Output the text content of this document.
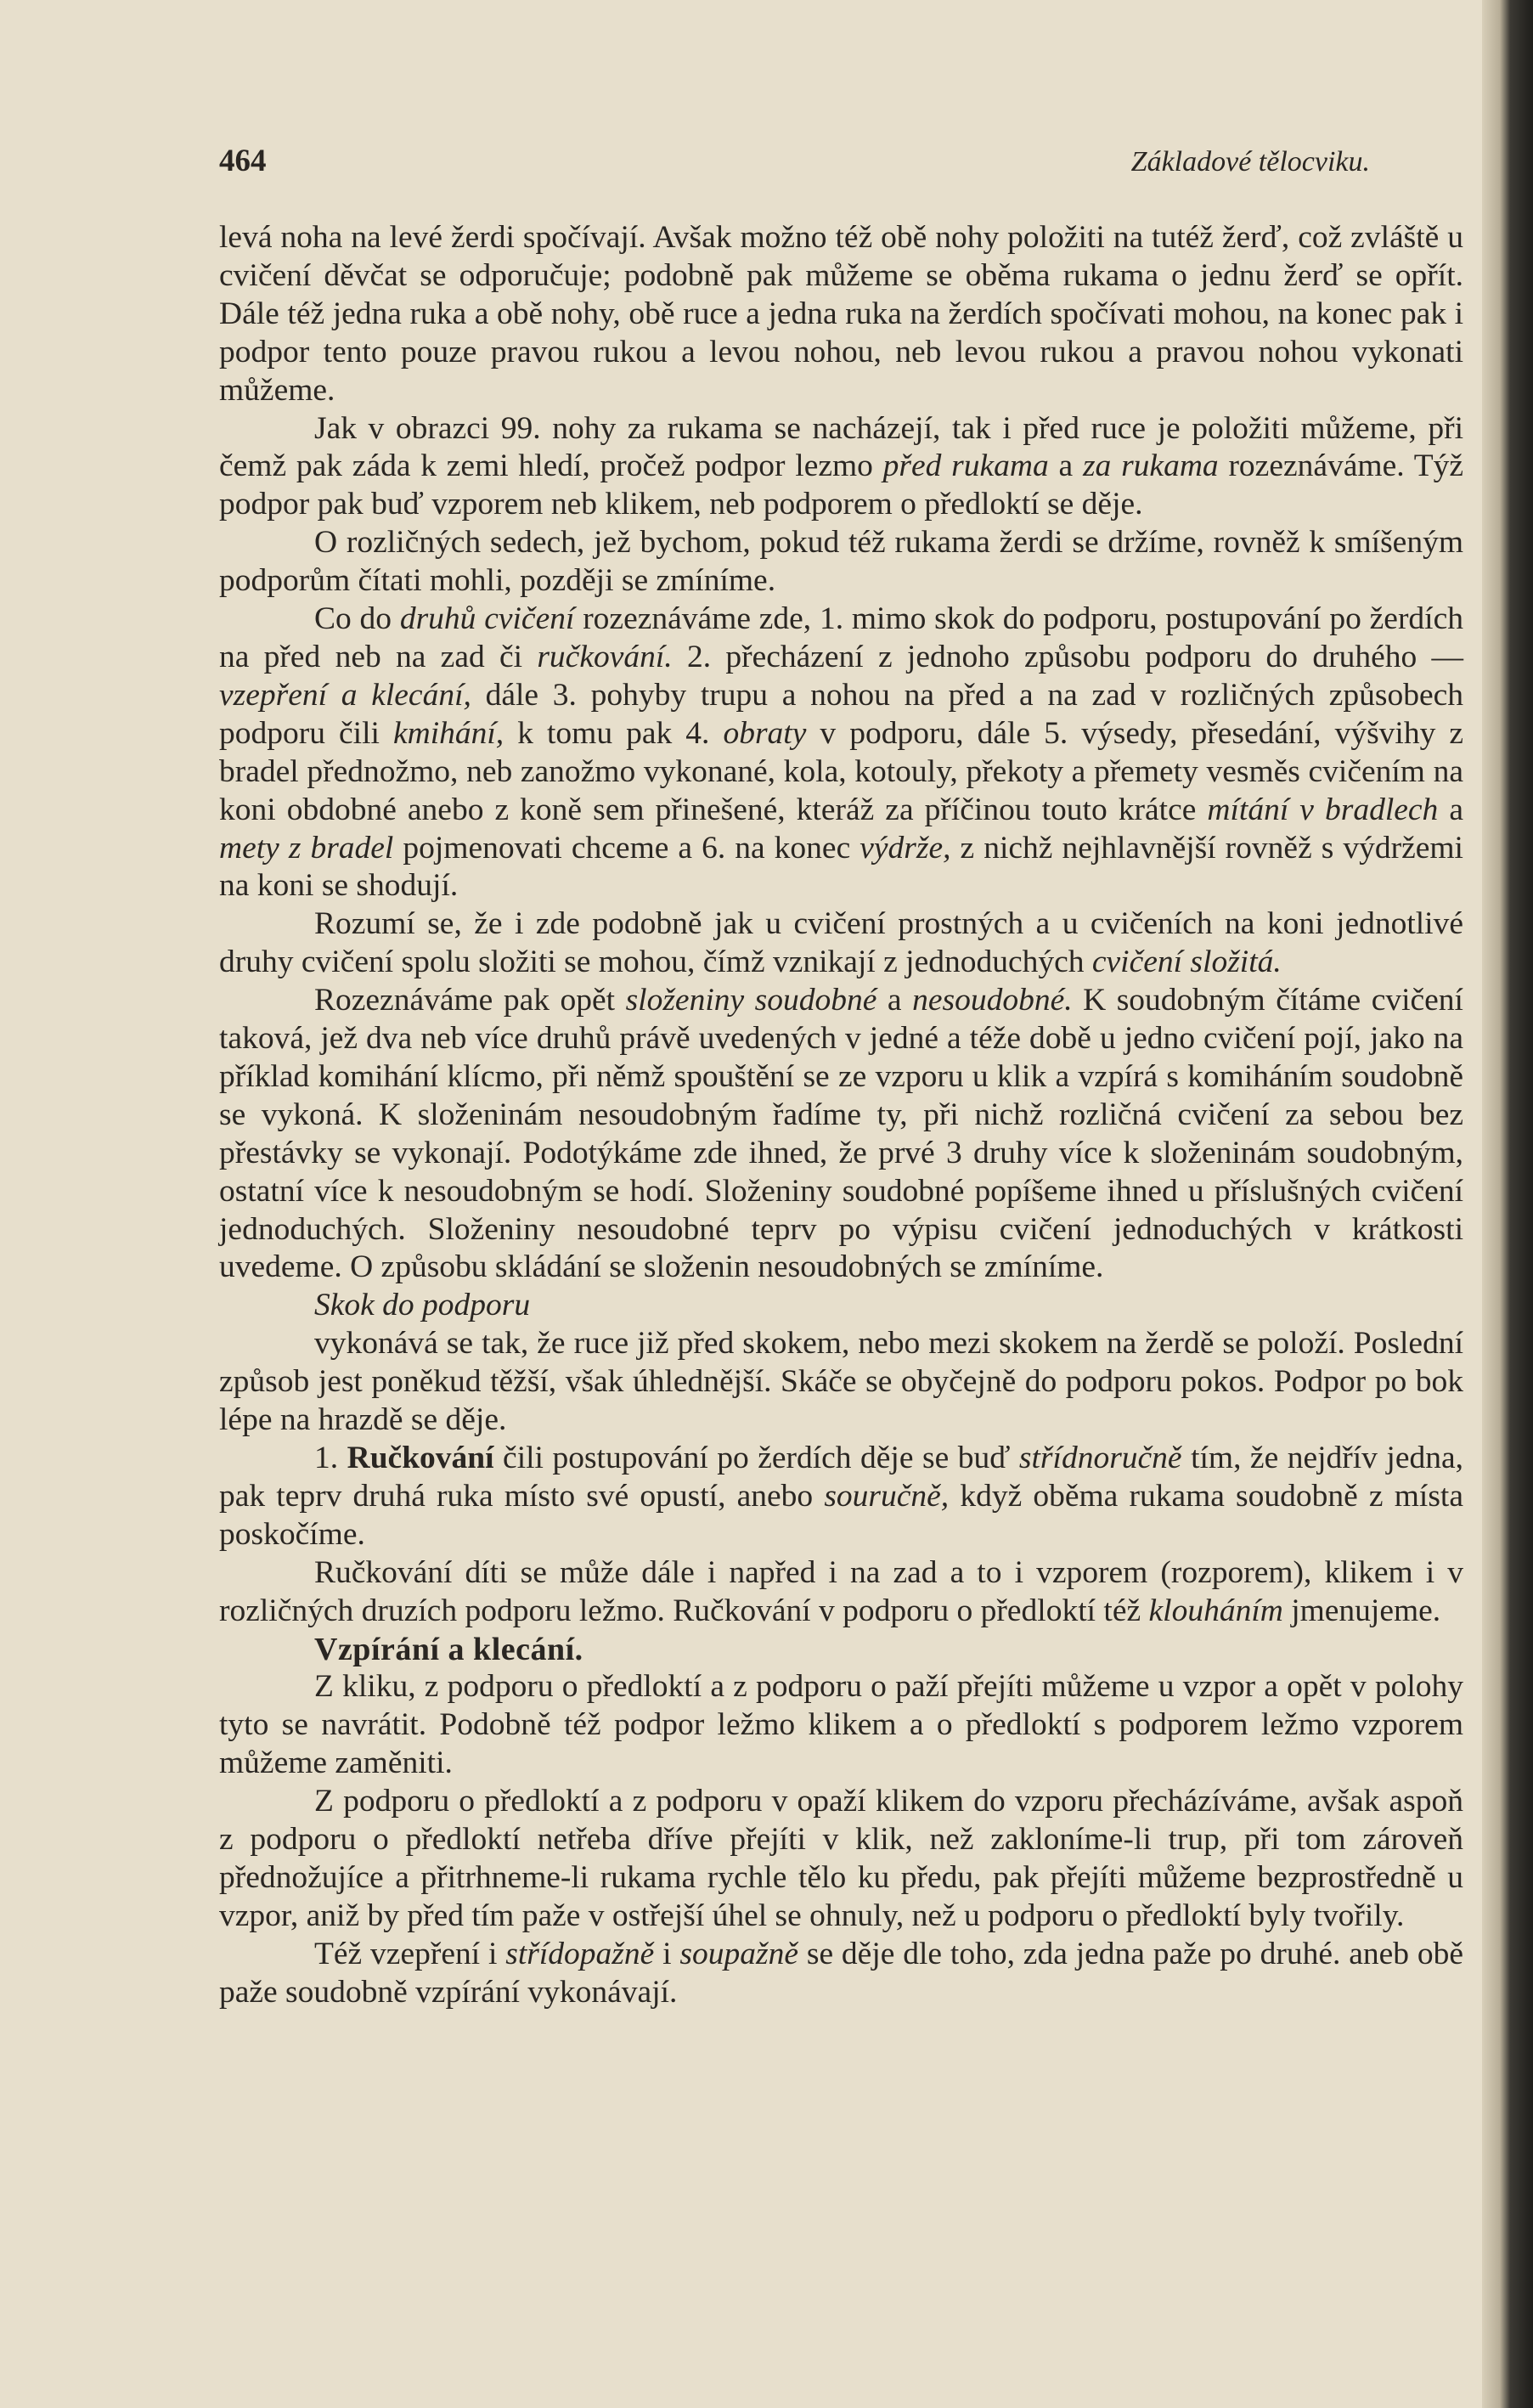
464	Základové tělocviku.

levá noha na levé žerdi spočívají. Avšak možno též obě nohy položiti na tutéž žerď, což zvláště u cvičení děvčat se odporučuje; podobně pak můžeme se oběma rukama o jednu žerď se opřít. Dále též jedna ruka a obě nohy, obě ruce a jedna ruka na žerdích spočívati mohou, na konec pak i podpor tento pouze pravou rukou a levou nohou, neb levou rukou a pravou nohou vykonati můžeme.

Jak v obrazci 99. nohy za rukama se nacházejí, tak i před ruce je položiti můžeme, při čemž pak záda k zemi hledí, pročež podpor lezmo před rukama a za rukama rozeznáváme. Týž podpor pak buď vzporem neb klikem, neb podporem o předloktí se děje.

O rozličných sedech, jež bychom, pokud též rukama žerdi se držíme, rovněž k smíšeným podporům čítati mohli, později se zmíníme.

Co do druhů cvičení rozeznáváme zde, 1. mimo skok do podporu, postupování po žerdích na před neb na zad či ručkování. 2. přecházení z jednoho způsobu podporu do druhého — vzepření a klecání, dále 3. pohyby trupu a nohou na před a na zad v rozličných způsobech podporu čili kmihání, k tomu pak 4. obraty v podporu, dále 5. výsedy, přesedání, výšvihy z bradel přednožmo, neb zanožmo vykonané, kola, kotouly, překoty a přemety vesměs cvičením na koni obdobné anebo z koně sem přinešené, kteráž za příčinou touto krátce mítání v bradlech a mety z bradel pojmenovati chceme a 6. na konec výdrže, z nichž nejhlavnější rovněž s výdržemi na koni se shodují.

Rozumí se, že i zde podobně jak u cvičení prostných a u cvičeních na koni jednotlivé druhy cvičení spolu složiti se mohou, čímž vznikají z jednoduchých cvičení složitá.

Rozeznáváme pak opět složeniny soudobné a nesoudobné. K soudobným čítáme cvičení taková, jež dva neb více druhů právě uvedených v jedné a téže době u jedno cvičení pojí, jako na příklad komihání klícmo, při němž spouštění se ze vzporu u klik a vzpírá s komiháním soudobně se vykoná. K složeninám nesoudobným řadíme ty, při nichž rozličná cvičení za sebou bez přestávky se vykonají. Podotýkáme zde ihned, že prvé 3 druhy více k složeninám soudobným, ostatní více k nesoudobným se hodí. Složeniny soudobné popíšeme ihned u příslušných cvičení jednoduchých. Složeniny nesoudobné teprv po výpisu cvičení jednoduchých v krátkosti uvedeme. O způsobu skládání se složenin nesoudobných se zmíníme.

Skok do podporu

vykonává se tak, že ruce již před skokem, nebo mezi skokem na žerdě se položí. Poslední způsob jest poněkud těžší, však úhlednější. Skáče se obyčejně do podporu pokos. Podpor po bok lépe na hrazdě se děje.

1. Ručkování čili postupování po žerdích děje se buď střídnoručně tím, že nejdřív jedna, pak teprv druhá ruka místo své opustí, anebo souručně, když oběma rukama soudobně z místa poskočíme.

Ručkování díti se může dále i napřed i na zad a to i vzporem (rozporem), klikem i v rozličných druzích podporu ležmo. Ručkování v podporu o předloktí též klouháním jmenujeme.

Vzpírání a klecání.

Z kliku, z podporu o předloktí a z podporu o paží přejíti můžeme u vzpor a opět v polohy tyto se navrátit. Podobně též podpor ležmo klikem a o předloktí s podporem ležmo vzporem můžeme zaměniti.

Z podporu o předloktí a z podporu v opaží klikem do vzporu přecházíváme, avšak aspoň z podporu o předloktí netřeba dříve přejíti v klik, než zakloníme-li trup, při tom zároveň přednožujíce a přitrhneme-li rukama rychle tělo ku předu, pak přejíti můžeme bezprostředně u vzpor, aniž by před tím paže v ostřejší úhel se ohnuly, než u podporu o předloktí byly tvořily.

Též vzepření i střídopažně i soupažně se děje dle toho, zda jedna paže po druhé. aneb obě paže soudobně vzpírání vykonávají.
